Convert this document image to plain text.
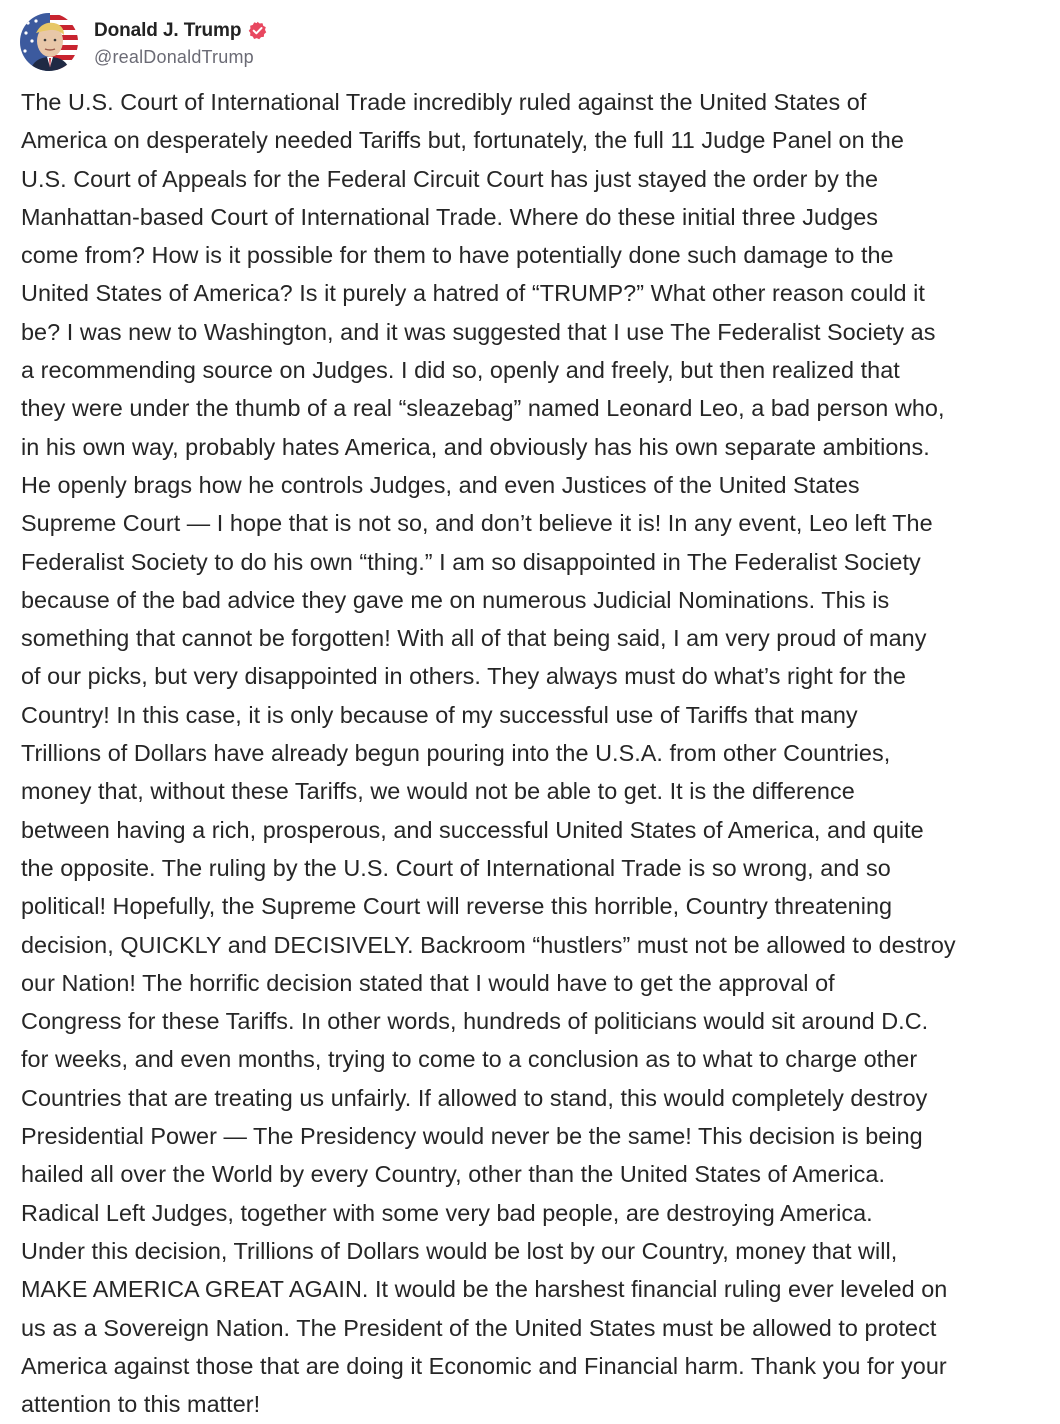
Donald J. Trump
@realDonaldTrump

The U.S. Court of International Trade incredibly ruled against the United States of
America on desperately needed Tariffs but, fortunately, the full 11 Judge Panel on the
U.S. Court of Appeals for the Federal Circuit Court has just stayed the order by the
Manhattan-based Court of International Trade. Where do these initial three Judges
come from? How is it possible for them to have potentially done such damage to the
United States of America? Is it purely a hatred of “TRUMP?” What other reason could it
be? I was new to Washington, and it was suggested that I use The Federalist Society as
a recommending source on Judges. I did so, openly and freely, but then realized that
they were under the thumb of a real “sleazebag” named Leonard Leo, a bad person who,
in his own way, probably hates America, and obviously has his own separate ambitions.
He openly brags how he controls Judges, and even Justices of the United States
Supreme Court — I hope that is not so, and don’t believe it is! In any event, Leo left The
Federalist Society to do his own “thing.” I am so disappointed in The Federalist Society
because of the bad advice they gave me on numerous Judicial Nominations. This is
something that cannot be forgotten! With all of that being said, I am very proud of many
of our picks, but very disappointed in others. They always must do what’s right for the
Country! In this case, it is only because of my successful use of Tariffs that many
Trillions of Dollars have already begun pouring into the U.S.A. from other Countries,
money that, without these Tariffs, we would not be able to get. It is the difference
between having a rich, prosperous, and successful United States of America, and quite
the opposite. The ruling by the U.S. Court of International Trade is so wrong, and so
political! Hopefully, the Supreme Court will reverse this horrible, Country threatening
decision, QUICKLY and DECISIVELY. Backroom “hustlers” must not be allowed to destroy
our Nation! The horrific decision stated that I would have to get the approval of
Congress for these Tariffs. In other words, hundreds of politicians would sit around D.C.
for weeks, and even months, trying to come to a conclusion as to what to charge other
Countries that are treating us unfairly. If allowed to stand, this would completely destroy
Presidential Power — The Presidency would never be the same! This decision is being
hailed all over the World by every Country, other than the United States of America.
Radical Left Judges, together with some very bad people, are destroying America.
Under this decision, Trillions of Dollars would be lost by our Country, money that will,
MAKE AMERICA GREAT AGAIN. It would be the harshest financial ruling ever leveled on
us as a Sovereign Nation. The President of the United States must be allowed to protect
America against those that are doing it Economic and Financial harm. Thank you for your
attention to this matter!
